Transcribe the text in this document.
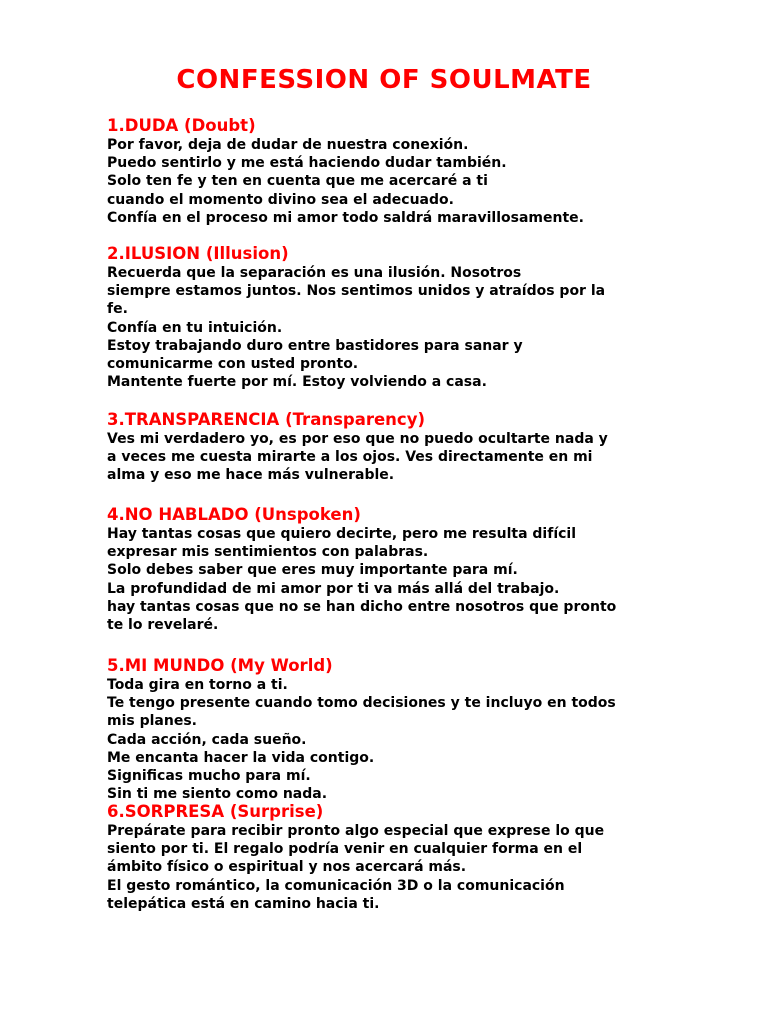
CONFESSION OF SOULMATE
1.DUDA (Doubt)
Por favor, deja de dudar de nuestra conexión.
Puedo sentirlo y me está haciendo dudar también.
Solo ten fe y ten en cuenta que me acercaré a ti
cuando el momento divino sea el adecuado.
Confía en el proceso mi amor todo saldrá maravillosamente.
2.ILUSION (Illusion)
Recuerda que la separación es una ilusión. Nosotros
siempre estamos juntos. Nos sentimos unidos y atraídos por la
fe.
Confía en tu intuición.
Estoy trabajando duro entre bastidores para sanar y
comunicarme con usted pronto.
Mantente fuerte por mí. Estoy volviendo a casa.
3.TRANSPARENCIA (Transparency)
Ves mi verdadero yo, es por eso que no puedo ocultarte nada y
a veces me cuesta mirarte a los ojos. Ves directamente en mi
alma y eso me hace más vulnerable.
4.NO HABLADO (Unspoken)
Hay tantas cosas que quiero decirte, pero me resulta difícil
expresar mis sentimientos con palabras.
Solo debes saber que eres muy importante para mí.
La profundidad de mi amor por ti va más allá del trabajo.
hay tantas cosas que no se han dicho entre nosotros que pronto
te lo revelaré.
5.MI MUNDO (My World)
Toda gira en torno a ti.
Te tengo presente cuando tomo decisiones y te incluyo en todos
mis planes.
Cada acción, cada sueño.
Me encanta hacer la vida contigo.
Significas mucho para mí.
Sin ti me siento como nada.
6.SORPRESA (Surprise)
Prepárate para recibir pronto algo especial que exprese lo que
siento por ti. El regalo podría venir en cualquier forma en el
ámbito físico o espiritual y nos acercará más.
El gesto romántico, la comunicación 3D o la comunicación
telepática está en camino hacia ti.
